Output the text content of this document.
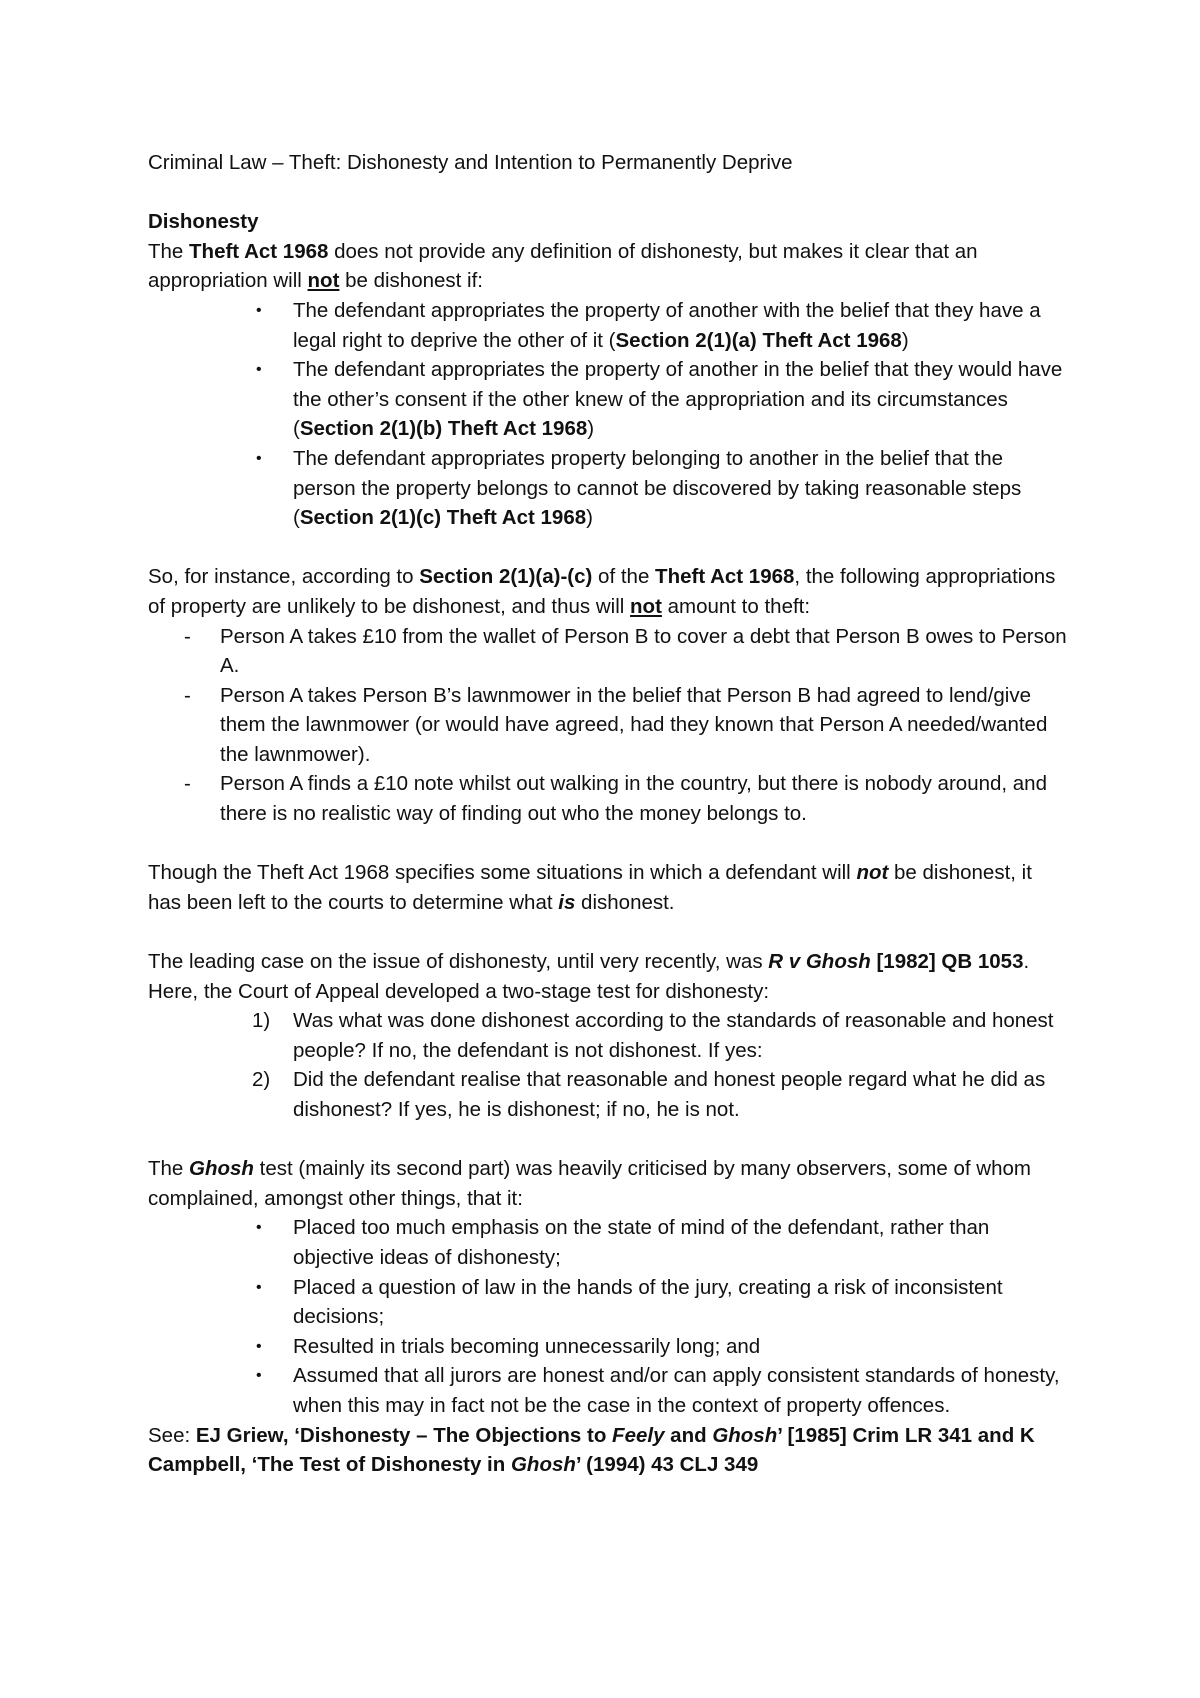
Criminal Law – Theft: Dishonesty and Intention to Permanently Deprive

Dishonesty

The Theft Act 1968 does not provide any definition of dishonesty, but makes it clear that an appropriation will not be dishonest if:

• The defendant appropriates the property of another with the belief that they have a legal right to deprive the other of it (Section 2(1)(a) Theft Act 1968)
• The defendant appropriates the property of another in the belief that they would have the other’s consent if the other knew of the appropriation and its circumstances (Section 2(1)(b) Theft Act 1968)
• The defendant appropriates property belonging to another in the belief that the person the property belongs to cannot be discovered by taking reasonable steps (Section 2(1)(c) Theft Act 1968)

So, for instance, according to Section 2(1)(a)-(c) of the Theft Act 1968, the following appropriations of property are unlikely to be dishonest, and thus will not amount to theft:

- Person A takes £10 from the wallet of Person B to cover a debt that Person B owes to Person A.
- Person A takes Person B’s lawnmower in the belief that Person B had agreed to lend/give them the lawnmower (or would have agreed, had they known that Person A needed/wanted the lawnmower).
- Person A finds a £10 note whilst out walking in the country, but there is nobody around, and there is no realistic way of finding out who the money belongs to.

Though the Theft Act 1968 specifies some situations in which a defendant will not be dishonest, it has been left to the courts to determine what is dishonest.

The leading case on the issue of dishonesty, until very recently, was R v Ghosh [1982] QB 1053. Here, the Court of Appeal developed a two-stage test for dishonesty:

1) Was what was done dishonest according to the standards of reasonable and honest people? If no, the defendant is not dishonest. If yes:
2) Did the defendant realise that reasonable and honest people regard what he did as dishonest? If yes, he is dishonest; if no, he is not.

The Ghosh test (mainly its second part) was heavily criticised by many observers, some of whom complained, amongst other things, that it:

• Placed too much emphasis on the state of mind of the defendant, rather than objective ideas of dishonesty;
• Placed a question of law in the hands of the jury, creating a risk of inconsistent decisions;
• Resulted in trials becoming unnecessarily long; and
• Assumed that all jurors are honest and/or can apply consistent standards of honesty, when this may in fact not be the case in the context of property offences.

See: EJ Griew, ‘Dishonesty – The Objections to Feely and Ghosh’ [1985] Crim LR 341 and K Campbell, ‘The Test of Dishonesty in Ghosh’ (1994) 43 CLJ 349
